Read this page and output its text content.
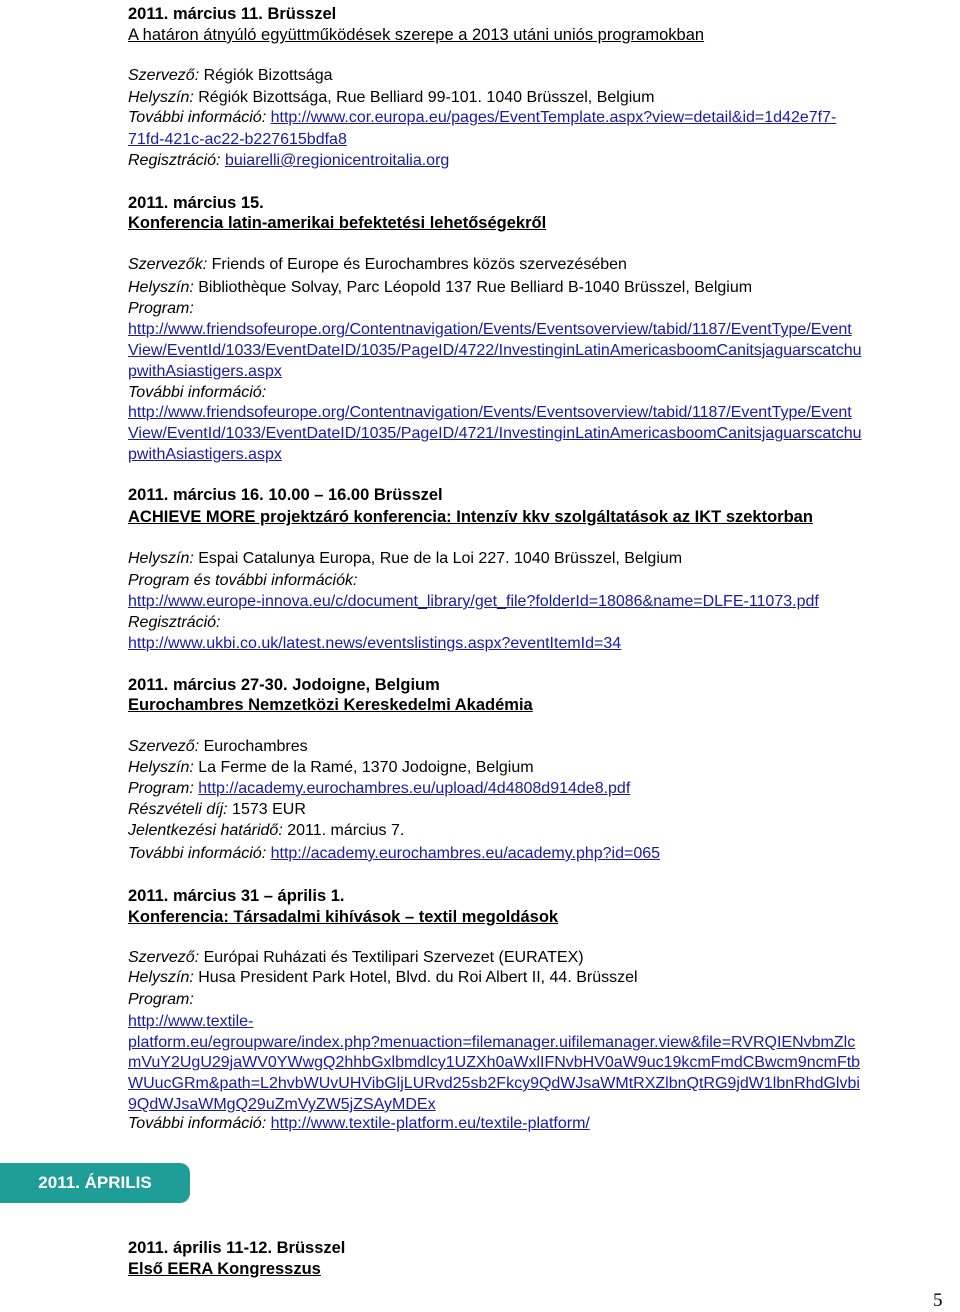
2011. március 11. Brüsszel
A határon átnyúló együttműködések szerepe a 2013 utáni uniós programokban
Szervező: Régiók Bizottsága
Helyszín: Régiók Bizottsága, Rue Belliard 99-101. 1040 Brüsszel, Belgium
További információ: http://www.cor.europa.eu/pages/EventTemplate.aspx?view=detail&id=1d42e7f7-
71fd-421c-ac22-b227615bdfa8
Regisztráció: buiarelli@regionicentroitalia.org
2011. március 15.
Konferencia latin-amerikai befektetési lehetőségekről
Szervezők: Friends of Europe és Eurochambres közös szervezésében
Helyszín: Bibliothèque Solvay, Parc Léopold 137 Rue Belliard B-1040 Brüsszel, Belgium
Program:
http://www.friendsofeurope.org/Contentnavigation/Events/Eventsoverview/tabid/1187/EventType/Event
View/EventId/1033/EventDateID/1035/PageID/4722/InvestinginLatinAmericasboomCanitsjaguarscatchu
pwithAsiastigers.aspx
További információ:
http://www.friendsofeurope.org/Contentnavigation/Events/Eventsoverview/tabid/1187/EventType/Event
View/EventId/1033/EventDateID/1035/PageID/4721/InvestinginLatinAmericasboomCanitsjaguarscatchu
pwithAsiastigers.aspx
2011. március 16. 10.00 – 16.00 Brüsszel
ACHIEVE MORE projektzáró konferencia: Intenzív kkv szolgáltatások az IKT szektorban
Helyszín: Espai Catalunya Europa, Rue de la Loi 227. 1040 Brüsszel, Belgium
Program és további információk:
http://www.europe-innova.eu/c/document_library/get_file?folderId=18086&name=DLFE-11073.pdf
Regisztráció:
http://www.ukbi.co.uk/latest.news/eventslistings.aspx?eventItemId=34
2011. március 27-30. Jodoigne, Belgium
Eurochambres Nemzetközi Kereskedelmi Akadémia
Szervező: Eurochambres
Helyszín: La Ferme de la Ramé, 1370 Jodoigne, Belgium
Program: http://academy.eurochambres.eu/upload/4d4808d914de8.pdf
Részvételi díj: 1573 EUR
Jelentkezési határidő: 2011. március 7.
További információ: http://academy.eurochambres.eu/academy.php?id=065
2011. március 31 – április 1.
Konferencia: Társadalmi kihívások – textil megoldások
Szervező: Európai Ruházati és Textilipari Szervezet (EURATEX)
Helyszín: Husa President Park Hotel, Blvd. du Roi Albert II, 44. Brüsszel
Program:
http://www.textile-
platform.eu/egroupware/index.php?menuaction=filemanager.uifilemanager.view&file=RVRQIENvbmZlc
mVuY2UgU29jaWV0YWwgQ2hhbGxlbmdlcy1UZXh0aWxlIFNvbHV0aW9uc19kcmFmdCBwcm9ncmFtb
WUucGRm&path=L2hvbWUvUHVibGljLURvd25sb2Fkcy9QdWJsaWMtRXZlbnQtRG9jdW1lbnRhdGlvbi
9QdWJsaWMgQ29uZmVyZW5jZSAyMDEx
További információ: http://www.textile-platform.eu/textile-platform/
2011. ÁPRILIS
2011. április 11-12. Brüsszel
Első EERA Kongresszus
5
